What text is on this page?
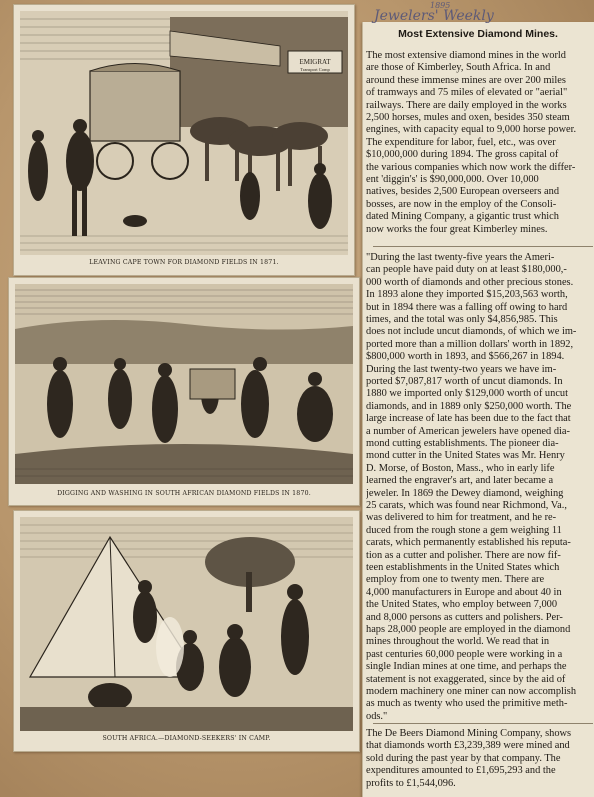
EMIGRAT
Transport Comp
LEAVING CAPE TOWN FOR DIAMOND FIELDS IN 1871.
DIGGING AND WASHING IN SOUTH AFRICAN DIAMOND FIELDS IN 1870.
SOUTH AFRICA.—DIAMOND-SEEKERS' IN CAMP.
Most Extensive Diamond Mines.
The most extensive diamond mines in the world
are those of Kimberley, South Africa. In and
around these immense mines are over 200 miles
of tramways and 75 miles of elevated or "aerial"
railways. There are daily employed in the works
2,500 horses, mules and oxen, besides 350 steam
engines, with capacity equal to 9,000 horse power.
The expenditure for labor, fuel, etc., was over
$10,000,000 during 1894. The gross capital of
the various companies which now work the differ-
ent 'diggin's' is $90,000,000. Over 10,000
natives, besides 2,500 European overseers and
bosses, are now in the employ of the Consoli-
dated Mining Company, a gigantic trust which
now works the four great Kimberley mines.
"During the last twenty-five years the Ameri-
can people have paid duty on at least $180,000,-
000 worth of diamonds and other precious stones.
In 1893 alone they imported $15,203,563 worth,
but in 1894 there was a falling off owing to hard
times, and the total was only $4,856,985. This
does not include uncut diamonds, of which we im-
ported more than a million dollars' worth in 1892,
$800,000 worth in 1893, and $566,267 in 1894.
During the last twenty-two years we have im-
ported $7,087,817 worth of uncut diamonds. In
1880 we imported only $129,000 worth of uncut
diamonds, and in 1889 only $250,000 worth. The
large increase of late has been due to the fact that
a number of American jewelers have opened dia-
mond cutting establishments. The pioneer dia-
mond cutter in the United States was Mr. Henry
D. Morse, of Boston, Mass., who in early life
learned the engraver's art, and later became a
jeweler. In 1869 the Dewey diamond, weighing
25 carats, which was found near Richmond, Va.,
was delivered to him for treatment, and he re-
duced from the rough stone a gem weighing 11
carats, which permanently established his reputa-
tion as a cutter and polisher. There are now fif-
teen establishments in the United States which
employ from one to twenty men. There are
4,000 manufacturers in Europe and about 40 in
the United States, who employ between 7,000
and 8,000 persons as cutters and polishers. Per-
haps 28,000 people are employed in the diamond
mines throughout the world. We read that in
past centuries 60,000 people were working in a
single Indian mines at one time, and perhaps the
statement is not exaggerated, since by the aid of
modern machinery one miner can now accomplish
as much as twenty who used the primitive meth-
ods."
The De Beers Diamond Mining Company, shows
that diamonds worth £3,239,389 were mined and
sold during the past year by that company. The
expenditures amounted to £1,695,293 and the
profits to £1,544,096.
Jewelers' Weekly
1895
